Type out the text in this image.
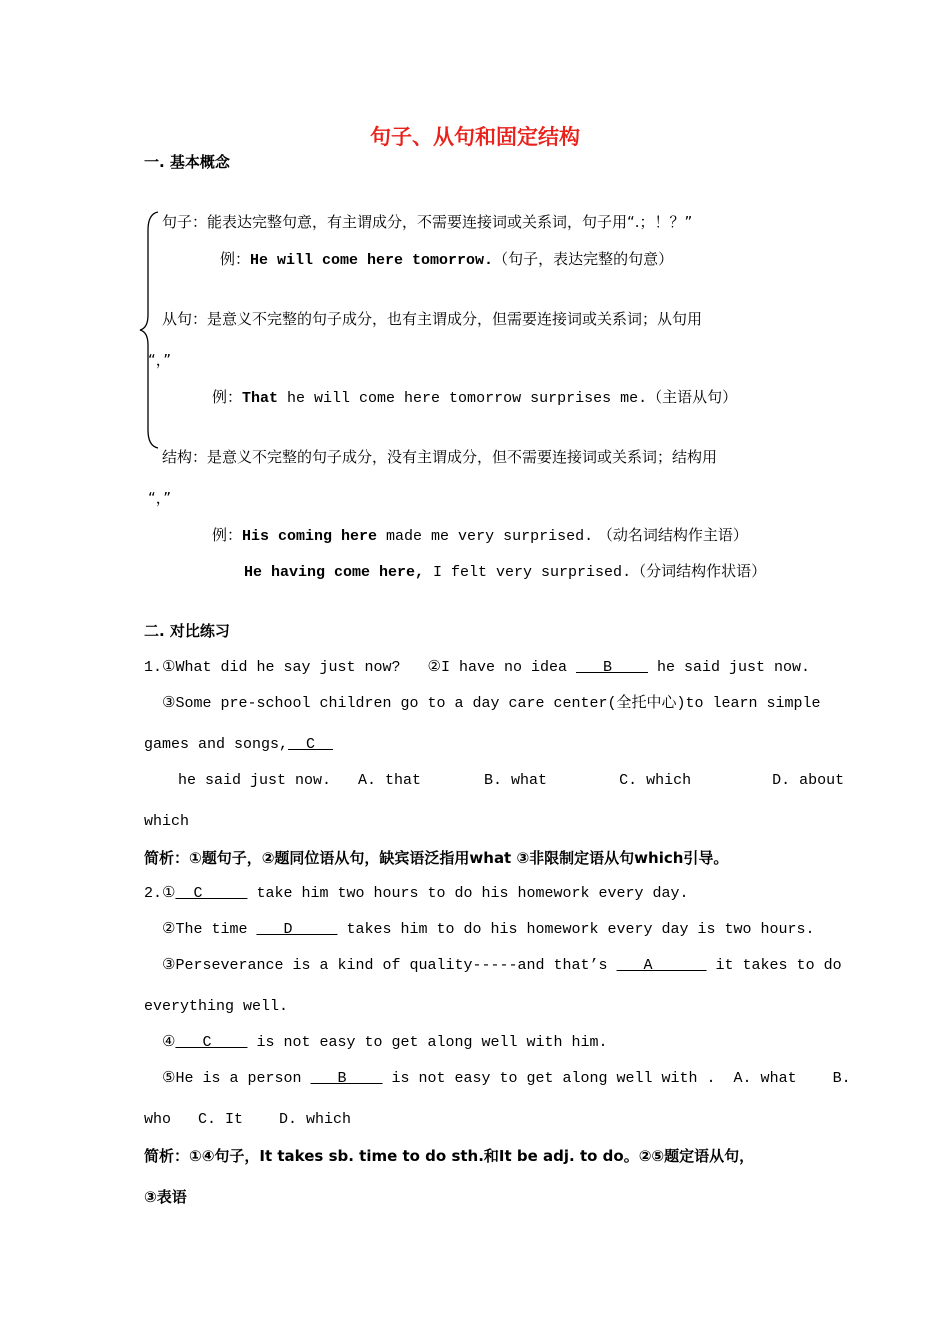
句子、从句和固定结构
一. 基本概念
句子：能表达完整句意，有主谓成分，不需要连接词或关系词，句子用“.；！？”
例：He will come here tomorrow.（句子，表达完整的句意）
从句：是意义不完整的句子成分，也有主谓成分，但需要连接词或关系词；从句用
“，”
例：That he will come here tomorrow surprises me.（主语从句）
结构：是意义不完整的句子成分，没有主谓成分，但不需要连接词或关系词；结构用
“，”
例：His coming here made me very surprised. （动名词结构作主语）
He having come here, I felt very surprised.（分词结构作状语）
二. 对比练习
1.①What did he say just now?   ②I have no idea    B     he said just now.
③Some pre-school children go to a day care center(全托中心)to learn simple
games and songs,  C
he said just now.   A. that       B. what        C. which         D. about
which
简析：①题句子，②题同位语从句，缺宾语泛指用what ③非限制定语从句which引导。
2.①  C      take him two hours to do his homework every day.
②The time    D      takes him to do his homework every day is two hours.
③Perseverance is a kind of quality-----and that’s    A       it takes to do
everything well.
④   C     is not easy to get along well with him.
⑤He is a person    B     is not easy to get along well with .  A. what    B.
who   C. It    D. which
简析：①④句子，It takes sb. time to do sth.和It be adj. to do。②⑤题定语从句，
③表语
